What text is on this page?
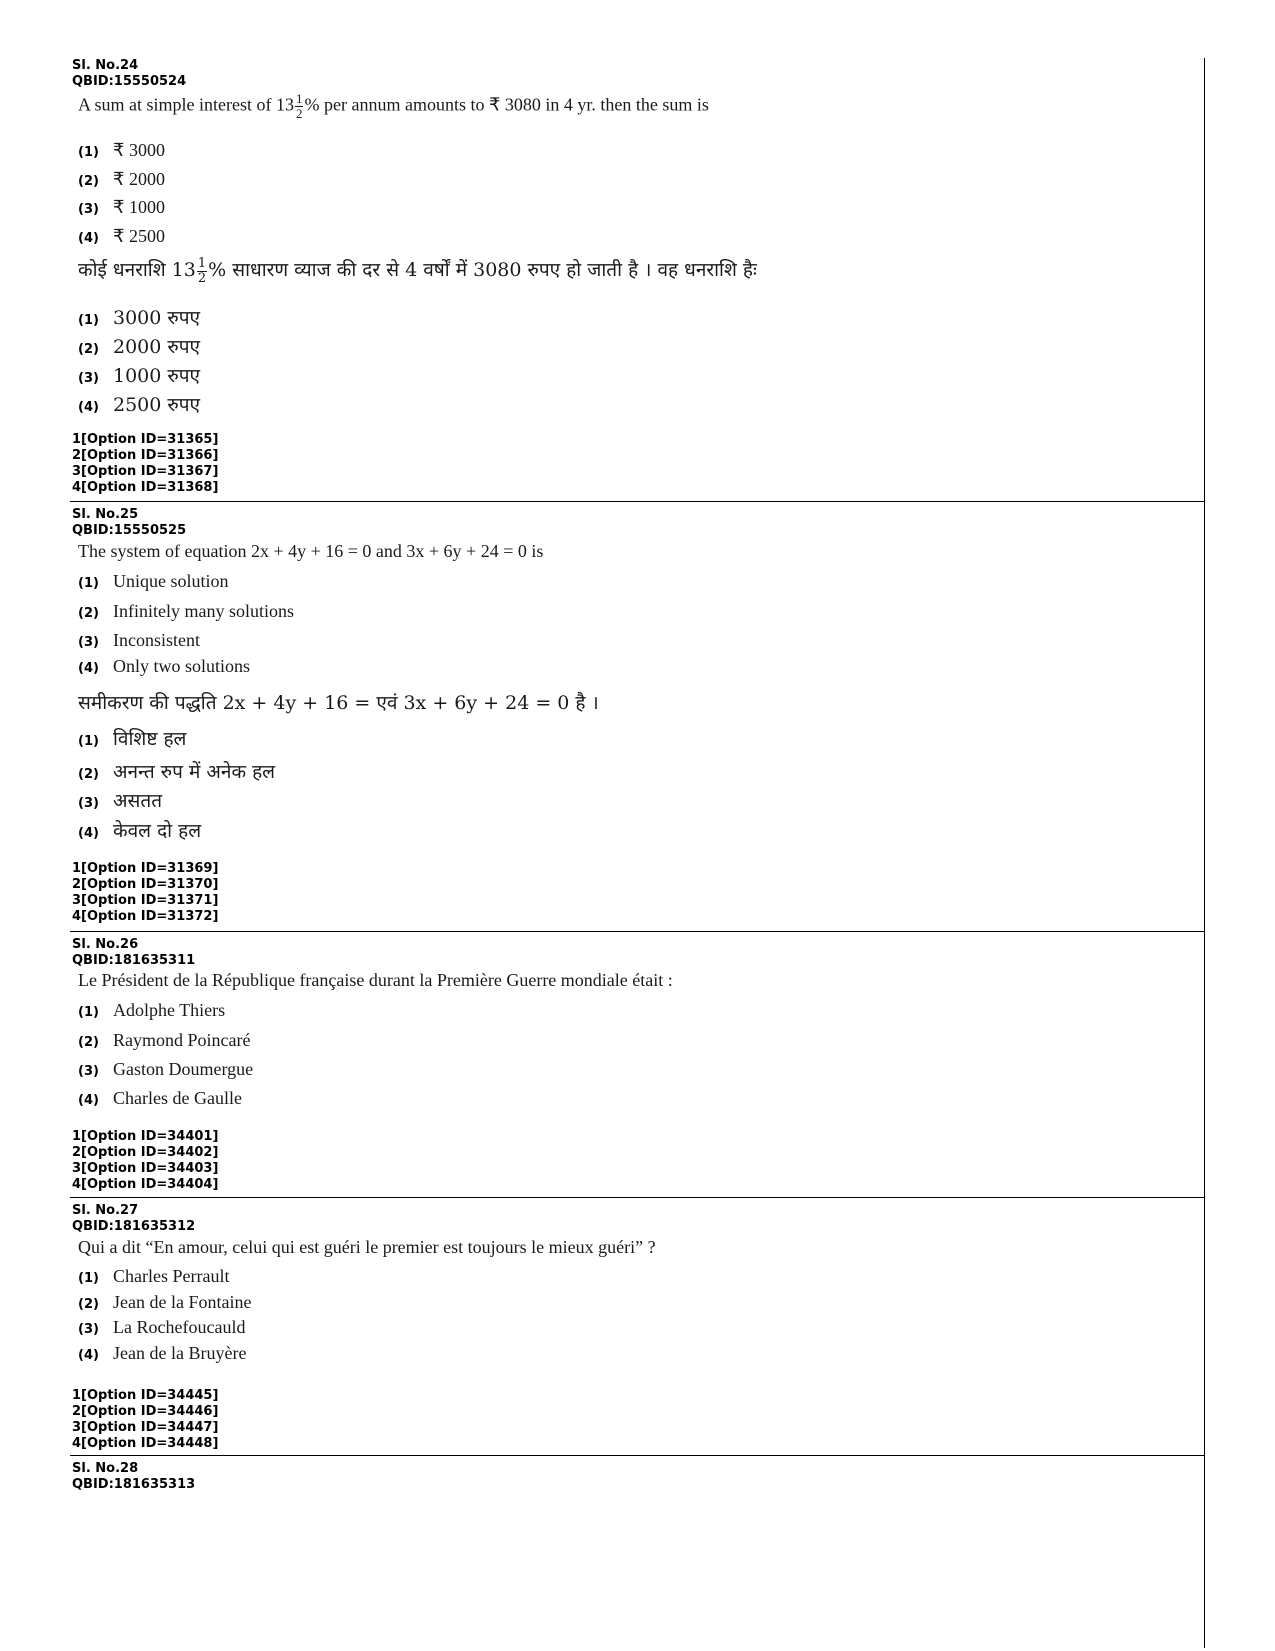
Sl. No.24
QBID:15550524
A sum at simple interest of $13 \frac{1}{2}$ % per annum amounts to ₹ 3080 in 4 yr. then the sum is
(1) ₹ 3000
(2) ₹ 2000
(3) ₹ 1000
(4) ₹ 2500
कोई धनराशि $13 \frac{1}{2}$ % साधारण व्याज की दर से 4 वर्षों में 3080 रुपए हो जाती है । वह धनराशि हैः
(1) 3000 रुपए
(2) 2000 रुपए
(3) 1000 रुपए
(4) 2500 रुपए
1[Option ID=31365]
2[Option ID=31366]
3[Option ID=31367]
4[Option ID=31368]
Sl. No.25
QBID:15550525
The system of equation 2x + 4y + 16 = 0 and 3x + 6y + 24 = 0 is
(1) Unique solution
(2) Infinitely many solutions
(3) Inconsistent
(4) Only two solutions
समीकरण की पद्धति 2x + 4y + 16 = एवं 3x + 6y + 24 = 0 है ।
(1) विशिष्ट हल
(2) अनन्त रुप में अनेक हल
(3) असतत
(4) केवल दो हल
1[Option ID=31369]
2[Option ID=31370]
3[Option ID=31371]
4[Option ID=31372]
Sl. No.26
QBID:181635311
Le Président de la République française durant la Première Guerre mondiale était :
(1) Adolphe Thiers
(2) Raymond Poincaré
(3) Gaston Doumergue
(4) Charles de Gaulle
1[Option ID=34401]
2[Option ID=34402]
3[Option ID=34403]
4[Option ID=34404]
Sl. No.27
QBID:181635312
Qui a dit “En amour, celui qui est guéri le premier est toujours le mieux guéri” ?
(1) Charles Perrault
(2) Jean de la Fontaine
(3) La Rochefoucauld
(4) Jean de la Bruyère
1[Option ID=34445]
2[Option ID=34446]
3[Option ID=34447]
4[Option ID=34448]
Sl. No.28
QBID:181635313
